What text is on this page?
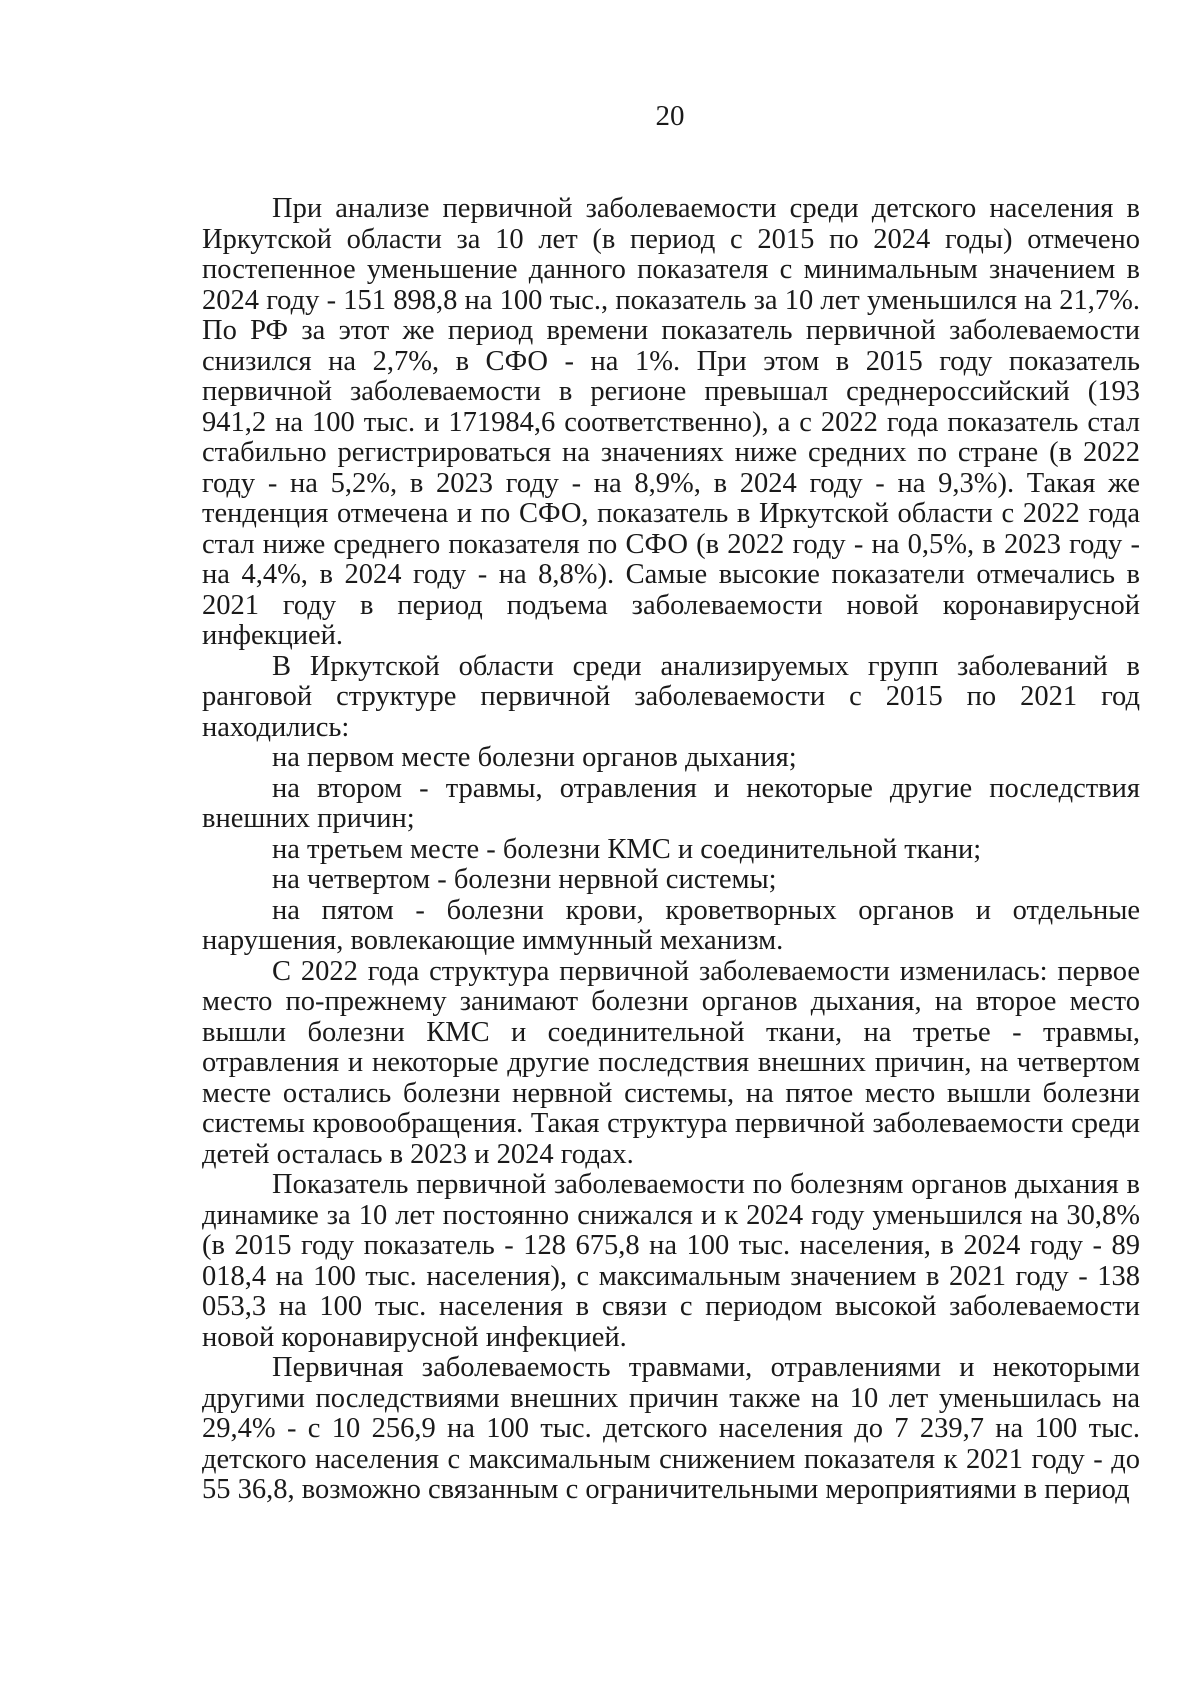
20

При анализе первичной заболеваемости среди детского населения в Иркутской области за 10 лет (в период с 2015 по 2024 годы) отмечено постепенное уменьшение данного показателя с минимальным значением в 2024 году - 151 898,8 на 100 тыс., показатель за 10 лет уменьшился на 21,7%. По РФ за этот же период времени показатель первичной заболеваемости снизился на 2,7%, в СФО - на 1%. При этом в 2015 году показатель первичной заболеваемости в регионе превышал среднероссийский (193 941,2 на 100 тыс. и 171984,6 соответственно), а с 2022 года показатель стал стабильно регистрироваться на значениях ниже средних по стране (в 2022 году - на 5,2%, в 2023 году - на 8,9%, в 2024 году - на 9,3%). Такая же тенденция отмечена и по СФО, показатель в Иркутской области с 2022 года стал ниже среднего показателя по СФО (в 2022 году - на 0,5%, в 2023 году - на 4,4%, в 2024 году - на 8,8%). Самые высокие показатели отмечались в 2021 году в период подъема заболеваемости новой коронавирусной инфекцией.

В Иркутской области среди анализируемых групп заболеваний в ранговой структуре первичной заболеваемости с 2015 по 2021 год находились:

на первом месте болезни органов дыхания;

на втором - травмы, отравления и некоторые другие последствия внешних причин;

на третьем месте - болезни КМС и соединительной ткани;

на четвертом - болезни нервной системы;

на пятом - болезни крови, кроветворных органов и отдельные нарушения, вовлекающие иммунный механизм.

С 2022 года структура первичной заболеваемости изменилась: первое место по-прежнему занимают болезни органов дыхания, на второе место вышли болезни КМС и соединительной ткани, на третье - травмы, отравления и некоторые другие последствия внешних причин, на четвертом месте остались болезни нервной системы, на пятое место вышли болезни системы кровообращения. Такая структура первичной заболеваемости среди детей осталась в 2023 и 2024 годах.

Показатель первичной заболеваемости по болезням органов дыхания в динамике за 10 лет постоянно снижался и к 2024 году уменьшился на 30,8% (в 2015 году показатель - 128 675,8 на 100 тыс. населения, в 2024 году - 89 018,4 на 100 тыс. населения), с максимальным значением в 2021 году - 138 053,3 на 100 тыс. населения в связи с периодом высокой заболеваемости новой коронавирусной инфекцией.

Первичная заболеваемость травмами, отравлениями и некоторыми другими последствиями внешних причин также на 10 лет уменьшилась на 29,4% - с 10 256,9 на 100 тыс. детского населения до 7 239,7 на 100 тыс. детского населения с максимальным снижением показателя к 2021 году - до 55 36,8, возможно связанным с ограничительными мероприятиями в период
